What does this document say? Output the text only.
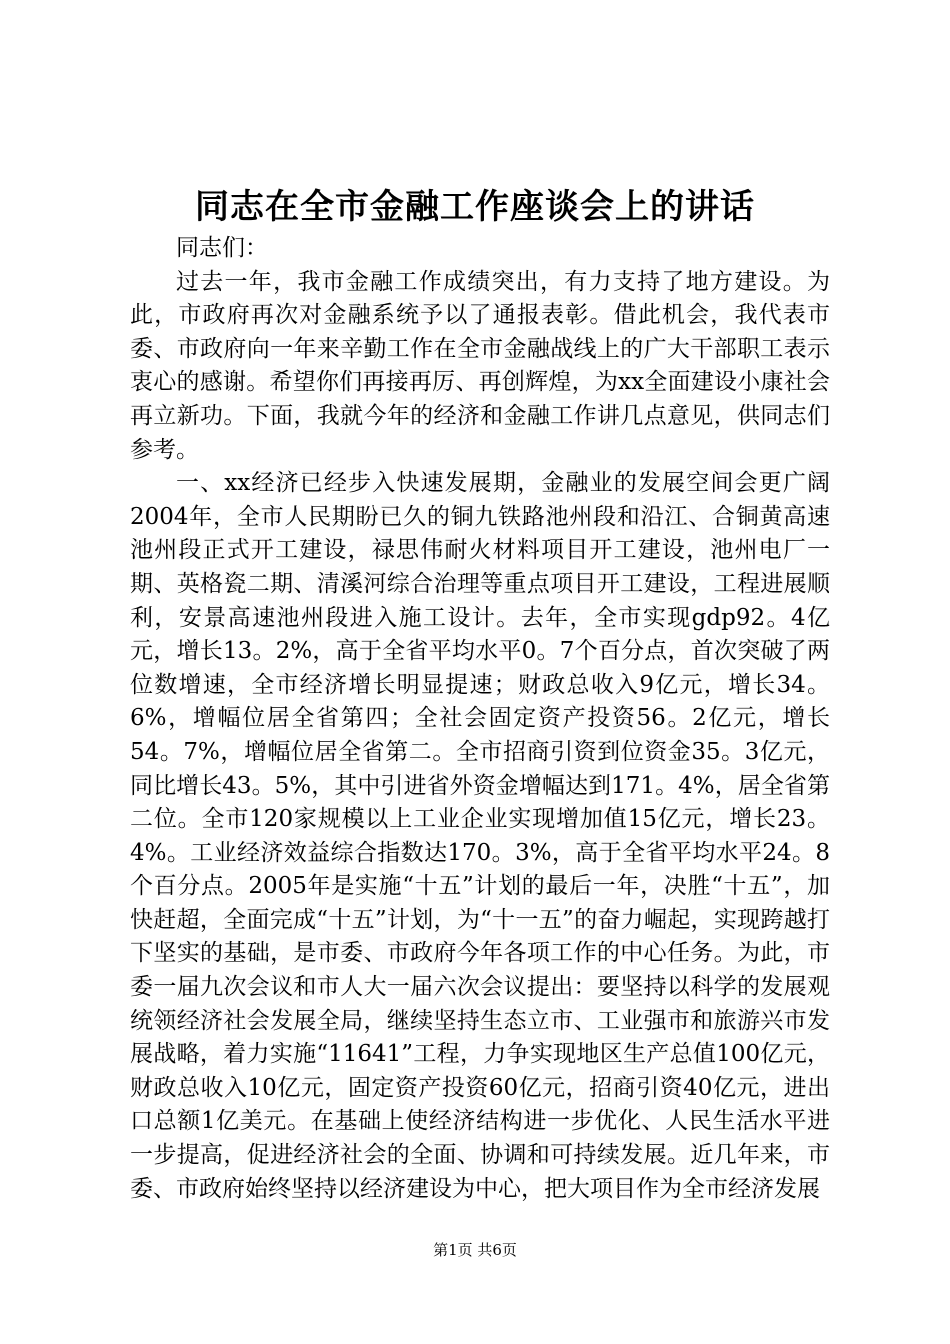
同志在全市金融工作座谈会上的讲话

同志们：

过去一年，我市金融工作成绩突出，有力支持了地方建设。为此，市政府再次对金融系统予以了通报表彰。借此机会，我代表市委、市政府向一年来辛勤工作在全市金融战线上的广大干部职工表示衷心的感谢。希望你们再接再厉、再创辉煌，为xx全面建设小康社会再立新功。下面，我就今年的经济和金融工作讲几点意见，供同志们参考。

一、xx经济已经步入快速发展期，金融业的发展空间会更广阔2004年，全市人民期盼已久的铜九铁路池州段和沿江、合铜黄高速池州段正式开工建设，禄思伟耐火材料项目开工建设，池州电厂一期、英格瓷二期、清溪河综合治理等重点项目开工建设，工程进展顺利，安景高速池州段进入施工设计。去年，全市实现gdp92。4亿元，增长13。2%，高于全省平均水平0。7个百分点，首次突破了两位数增速，全市经济增长明显提速；财政总收入9亿元，增长34。6%，增幅位居全省第四；全社会固定资产投资56。2亿元，增长54。7%，增幅位居全省第二。全市招商引资到位资金35。3亿元，同比增长43。5%，其中引进省外资金增幅达到171。4%，居全省第二位。全市120家规模以上工业企业实现增加值15亿元，增长23。4%。工业经济效益综合指数达170。3%，高于全省平均水平24。8个百分点。2005年是实施“十五”计划的最后一年，决胜“十五”，加快赶超，全面完成“十五”计划，为“十一五”的奋力崛起，实现跨越打下坚实的基础，是市委、市政府今年各项工作的中心任务。为此，市委一届九次会议和市人大一届六次会议提出：要坚持以科学的发展观统领经济社会发展全局，继续坚持生态立市、工业强市和旅游兴市发展战略，着力实施“11641”工程，力争实现地区生产总值100亿元，财政总收入10亿元，固定资产投资60亿元，招商引资40亿元，进出口总额1亿美元。在基础上使经济结构进一步优化、人民生活水平进一步提高，促进经济社会的全面、协调和可持续发展。近几年来，市委、市政府始终坚持以经济建设为中心，把大项目作为全市经济发展

第1页 共6页
